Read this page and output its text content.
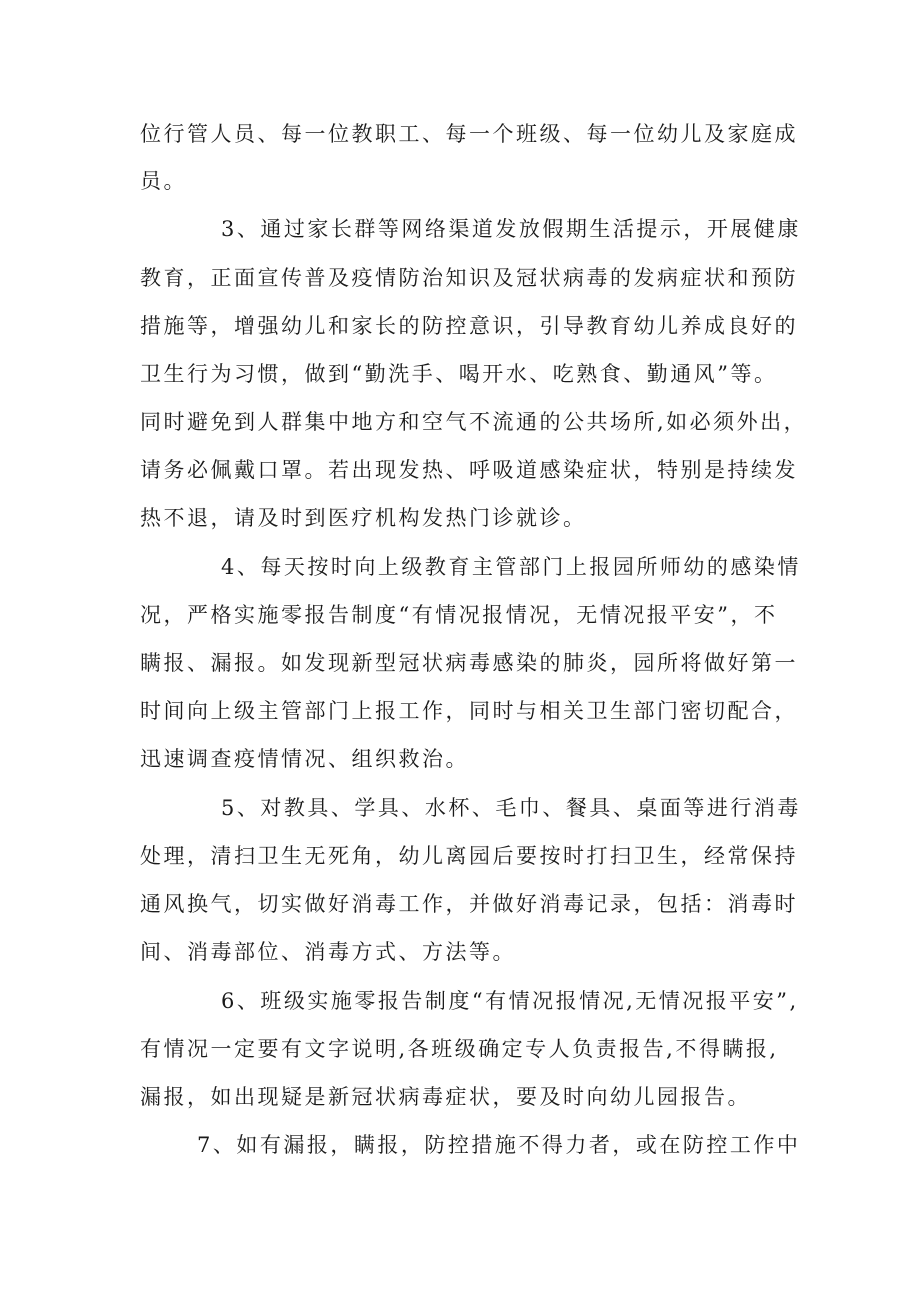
位行管人员、每一位教职工、每一个班级、每一位幼儿及家庭成
员。
3、通过家长群等网络渠道发放假期生活提示，开展健康
教育，正面宣传普及疫情防治知识及冠状病毒的发病症状和预防
措施等，增强幼儿和家长的防控意识，引导教育幼儿养成良好的
卫生行为习惯，做到“勤洗手、喝开水、吃熟食、勤通风”等。
同时避免到人群集中地方和空气不流通的公共场所,如必须外出，
请务必佩戴口罩。若出现发热、呼吸道感染症状，特别是持续发
热不退，请及时到医疗机构发热门诊就诊。
4、每天按时向上级教育主管部门上报园所师幼的感染情
况，严格实施零报告制度“有情况报情况，无情况报平安”，不
瞒报、漏报。如发现新型冠状病毒感染的肺炎，园所将做好第一
时间向上级主管部门上报工作，同时与相关卫生部门密切配合，
迅速调查疫情情况、组织救治。
5、对教具、学具、水杯、毛巾、餐具、桌面等进行消毒
处理，清扫卫生无死角，幼儿离园后要按时打扫卫生，经常保持
通风换气，切实做好消毒工作，并做好消毒记录，包括：消毒时
间、消毒部位、消毒方式、方法等。
6、班级实施零报告制度“有情况报情况,无情况报平安”,
有情况一定要有文字说明,各班级确定专人负责报告,不得瞒报,
漏报，如出现疑是新冠状病毒症状，要及时向幼儿园报告。
7、如有漏报，瞒报，防控措施不得力者，或在防控工作中
